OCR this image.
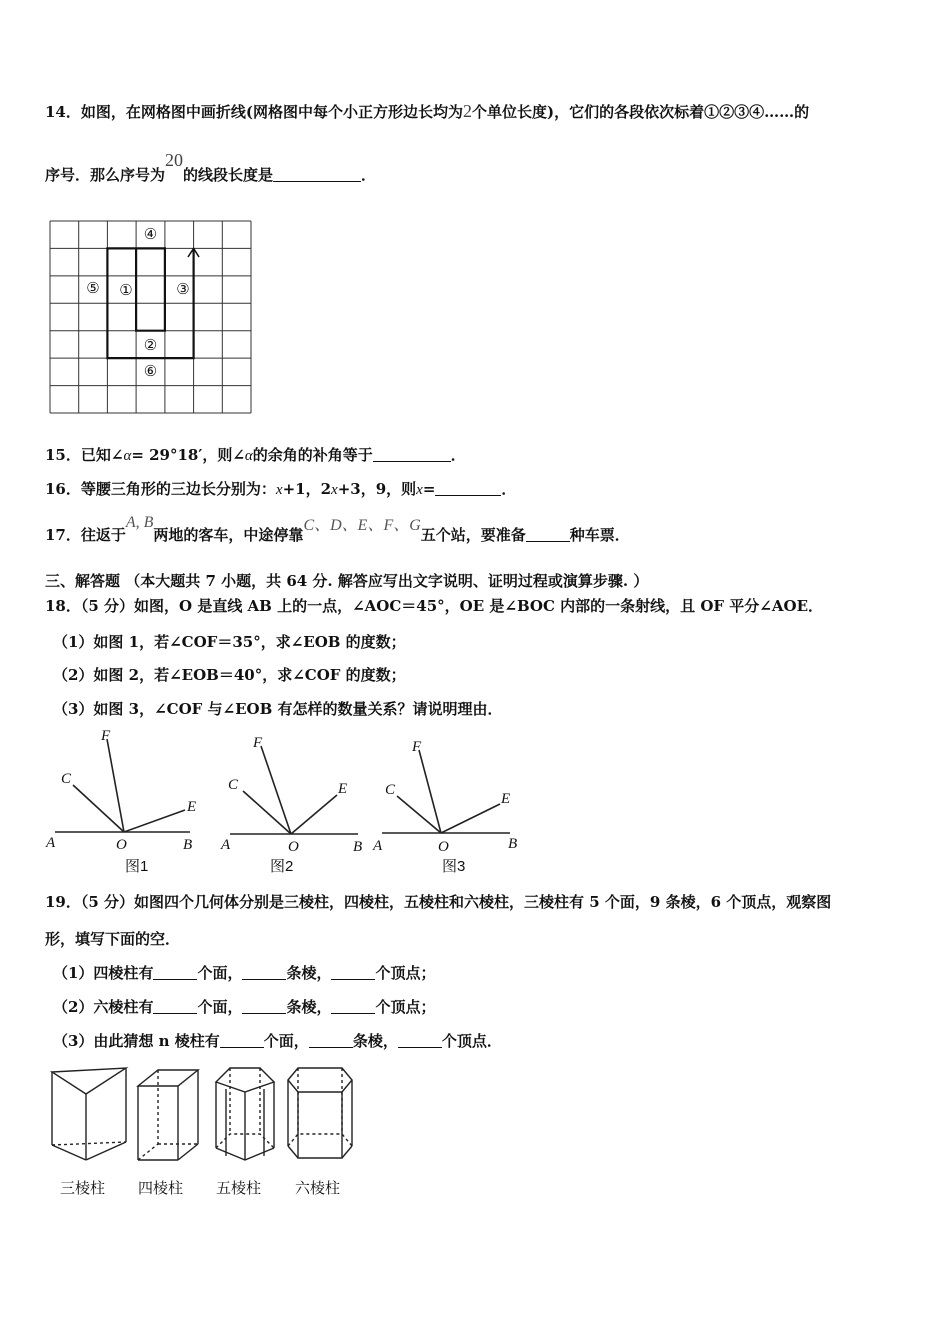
14．如图，在网格图中画折线(网格图中每个小正方形边长均为2个单位长度)，它们的各段依次标着①②③④……的
序号．那么序号为20的线段长度是	．
④
⑤ ①	③
②
⑥
15．已知∠α= 29°18′，则∠α的余角的补角等于	．
16．等腰三角形的三边长分别为：x+1，2x+3，9，则x=	．
17．往返于A, B两地的客车，中途停靠C、D、E、F、G五个站，要准备	种车票．
三、解答题 （本大题共 7 小题，共 64 分. 解答应写出文字说明、证明过程或演算步骤. ）
18．（5 分）如图，O 是直线 AB 上的一点，∠AOC＝45°，OE 是∠BOC 内部的一条射线，且 OF 平分∠AOE．
（1）如图 1，若∠COF＝35°，求∠EOB 的度数；
（2）如图 2，若∠EOB＝40°，求∠COF 的度数；
（3）如图 3，∠COF 与∠EOB 有怎样的数量关系？请说明理由．
A	B
O
C
E
F
A	B
O
C	E
F
A	B
O
C
E
F
图1	图2	图3
19．（5 分）如图四个几何体分别是三棱柱，四棱柱，五棱柱和六棱柱，三棱柱有 5 个面，9 条棱，6 个顶点，观察图
形，填写下面的空．
（1）四棱柱有	个面，	条棱，	个顶点；
（2）六棱柱有	个面，	条棱，	个顶点；
（3）由此猜想 n 棱柱有	个面，	条棱，	个顶点．
三棱柱 四棱柱 五棱柱 六棱柱
